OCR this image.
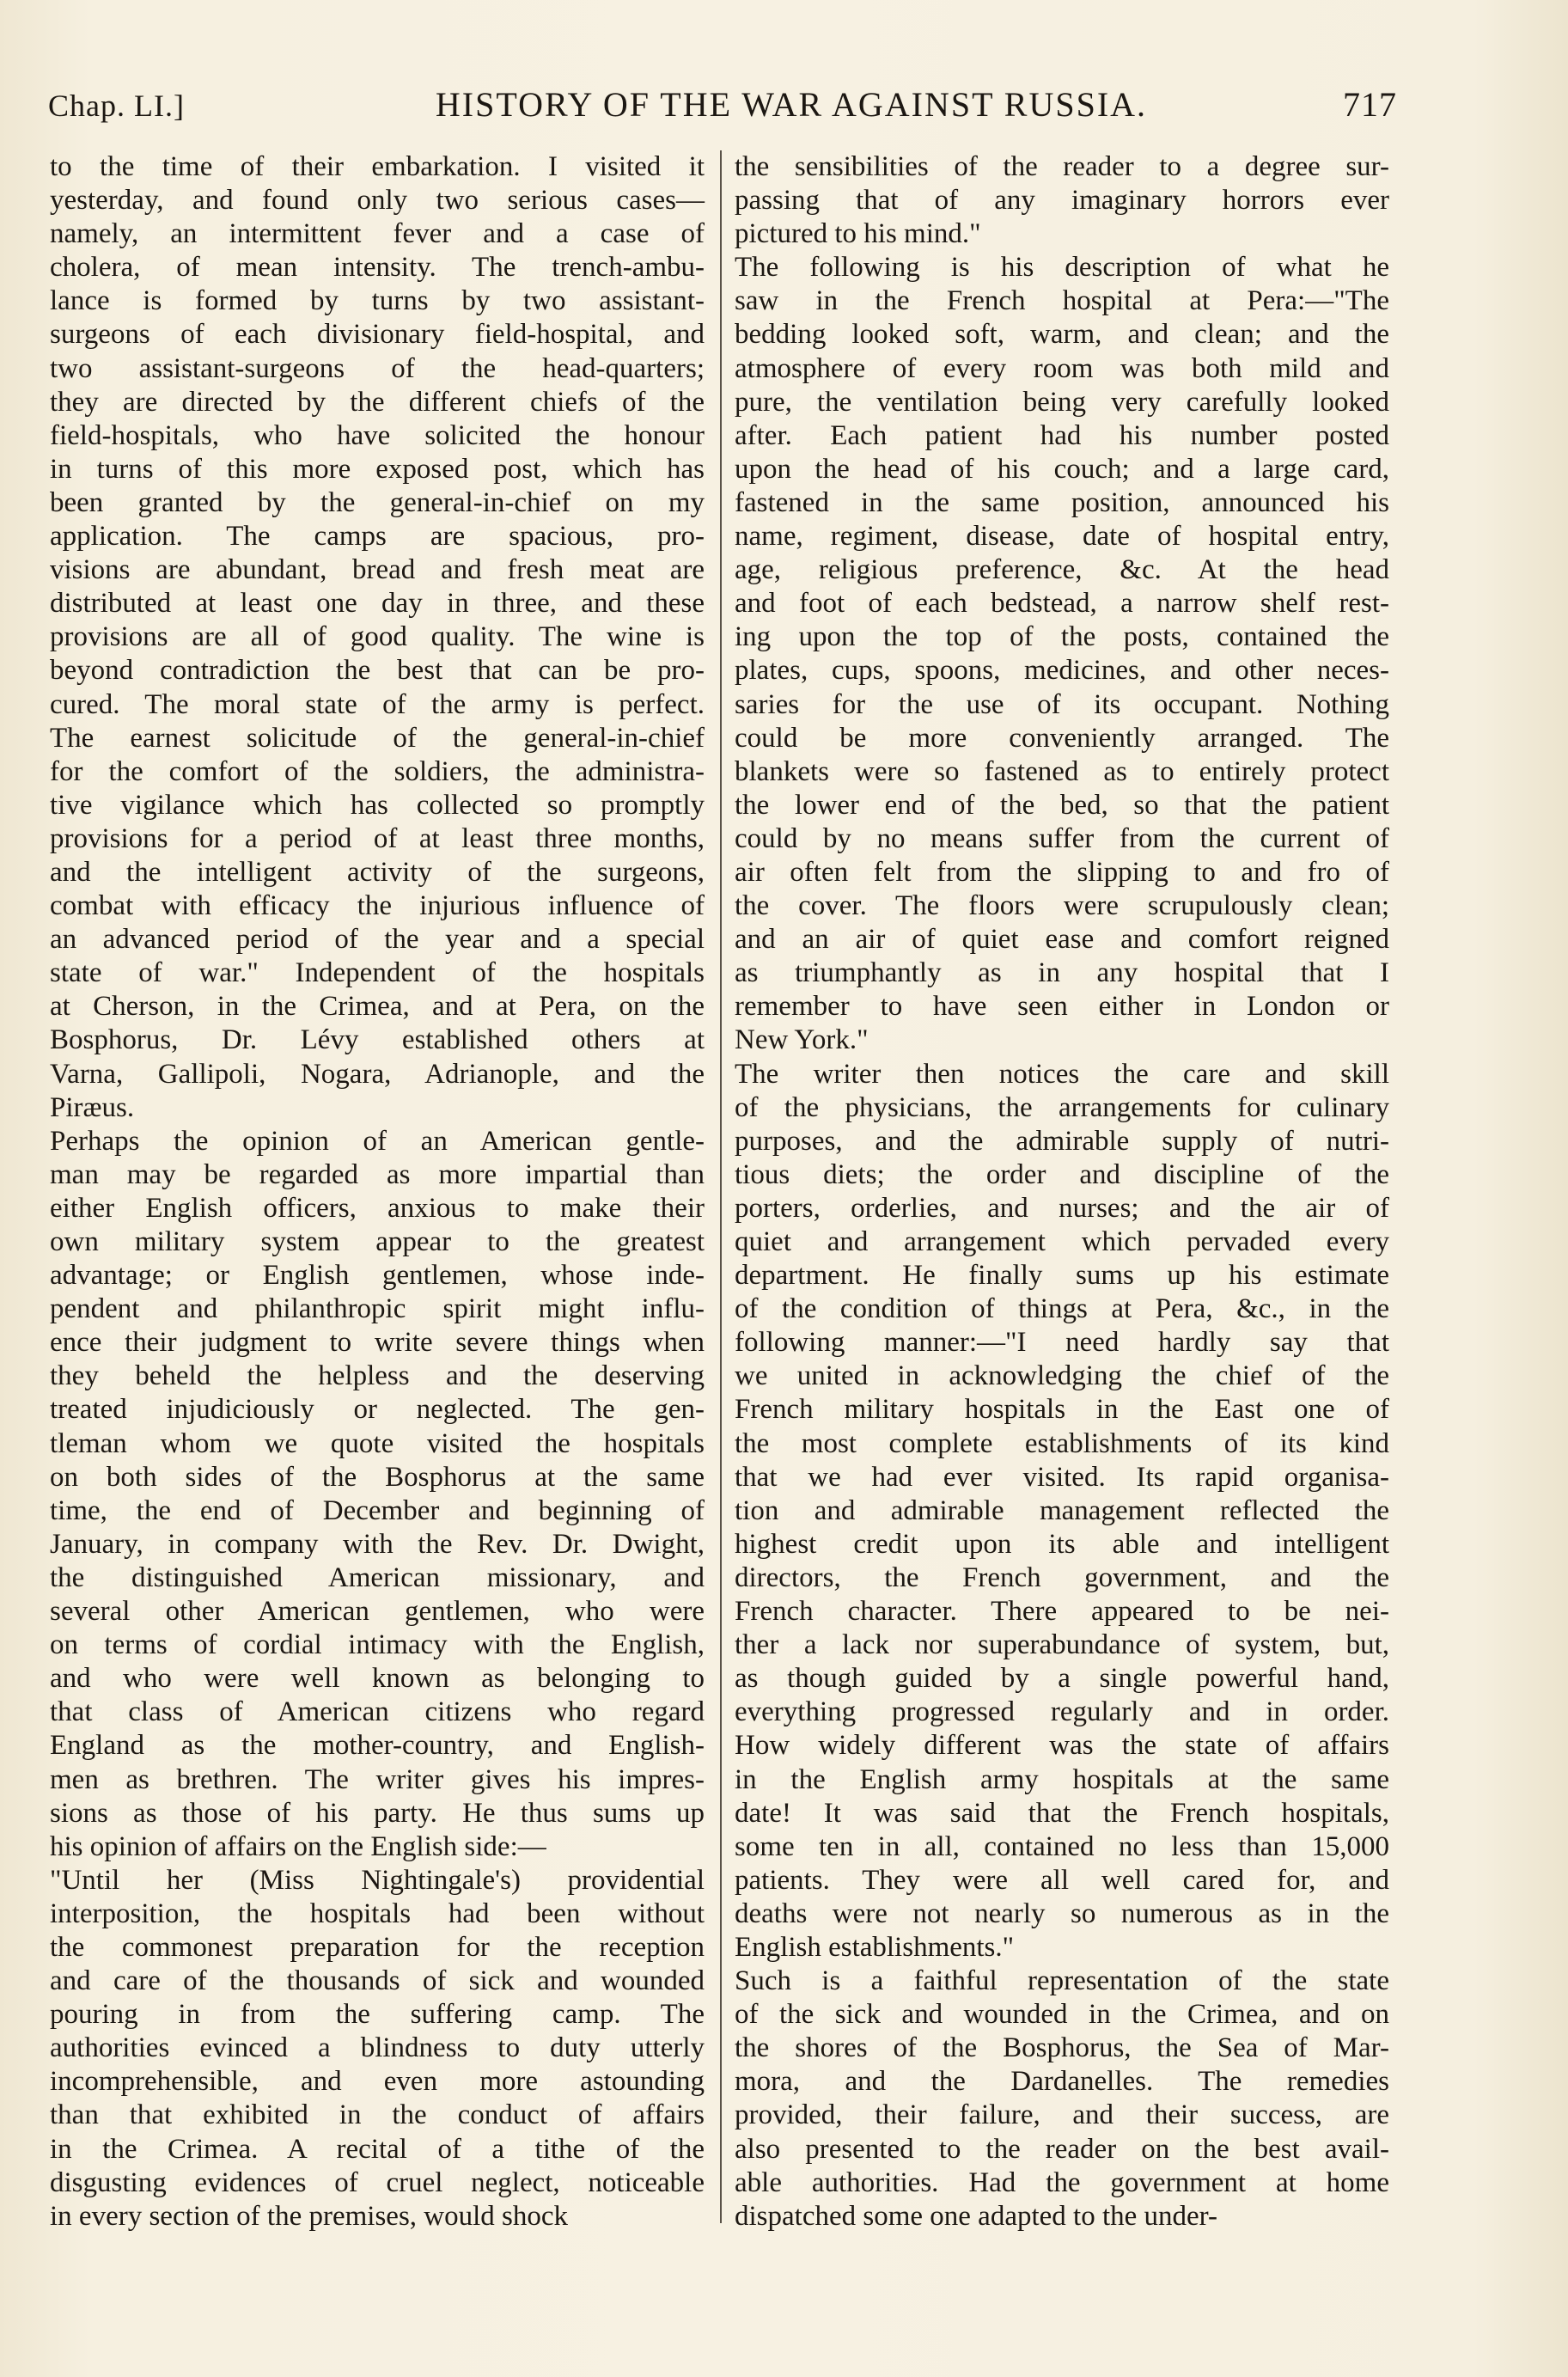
Chap. LI.]	HISTORY OF THE WAR AGAINST RUSSIA.	717
to the time of their embarkation. I visited it
yesterday, and found only two serious cases—
namely, an intermittent fever and a case of
cholera, of mean intensity. The trench-ambu-
lance is formed by turns by two assistant-
surgeons of each divisionary field-hospital, and
two assistant-surgeons of the head-quarters;
they are directed by the different chiefs of the
field-hospitals, who have solicited the honour
in turns of this more exposed post, which has
been granted by the general-in-chief on my
application. The camps are spacious, pro-
visions are abundant, bread and fresh meat are
distributed at least one day in three, and these
provisions are all of good quality. The wine is
beyond contradiction the best that can be pro-
cured. The moral state of the army is perfect.
The earnest solicitude of the general-in-chief
for the comfort of the soldiers, the administra-
tive vigilance which has collected so promptly
provisions for a period of at least three months,
and the intelligent activity of the surgeons,
combat with efficacy the injurious influence of
an advanced period of the year and a special
state of war." Independent of the hospitals
at Cherson, in the Crimea, and at Pera, on the
Bosphorus, Dr. Lévy established others at
Varna, Gallipoli, Nogara, Adrianople, and the
Piræus.
Perhaps the opinion of an American gentle-
man may be regarded as more impartial than
either English officers, anxious to make their
own military system appear to the greatest
advantage; or English gentlemen, whose inde-
pendent and philanthropic spirit might influ-
ence their judgment to write severe things when
they beheld the helpless and the deserving
treated injudiciously or neglected. The gen-
tleman whom we quote visited the hospitals
on both sides of the Bosphorus at the same
time, the end of December and beginning of
January, in company with the Rev. Dr. Dwight,
the distinguished American missionary, and
several other American gentlemen, who were
on terms of cordial intimacy with the English,
and who were well known as belonging to
that class of American citizens who regard
England as the mother-country, and English-
men as brethren. The writer gives his impres-
sions as those of his party. He thus sums up
his opinion of affairs on the English side:—
"Until her (Miss Nightingale's) providential
interposition, the hospitals had been without
the commonest preparation for the reception
and care of the thousands of sick and wounded
pouring in from the suffering camp. The
authorities evinced a blindness to duty utterly
incomprehensible, and even more astounding
than that exhibited in the conduct of affairs
in the Crimea. A recital of a tithe of the
disgusting evidences of cruel neglect, noticeable
in every section of the premises, would shock
the sensibilities of the reader to a degree sur-
passing that of any imaginary horrors ever
pictured to his mind."
The following is his description of what he
saw in the French hospital at Pera:—"The
bedding looked soft, warm, and clean; and the
atmosphere of every room was both mild and
pure, the ventilation being very carefully looked
after. Each patient had his number posted
upon the head of his couch; and a large card,
fastened in the same position, announced his
name, regiment, disease, date of hospital entry,
age, religious preference, &c. At the head
and foot of each bedstead, a narrow shelf rest-
ing upon the top of the posts, contained the
plates, cups, spoons, medicines, and other neces-
saries for the use of its occupant. Nothing
could be more conveniently arranged. The
blankets were so fastened as to entirely protect
the lower end of the bed, so that the patient
could by no means suffer from the current of
air often felt from the slipping to and fro of
the cover. The floors were scrupulously clean;
and an air of quiet ease and comfort reigned
as triumphantly as in any hospital that I
remember to have seen either in London or
New York."
The writer then notices the care and skill
of the physicians, the arrangements for culinary
purposes, and the admirable supply of nutri-
tious diets; the order and discipline of the
porters, orderlies, and nurses; and the air of
quiet and arrangement which pervaded every
department. He finally sums up his estimate
of the condition of things at Pera, &c., in the
following manner:—"I need hardly say that
we united in acknowledging the chief of the
French military hospitals in the East one of
the most complete establishments of its kind
that we had ever visited. Its rapid organisa-
tion and admirable management reflected the
highest credit upon its able and intelligent
directors, the French government, and the
French character. There appeared to be nei-
ther a lack nor superabundance of system, but,
as though guided by a single powerful hand,
everything progressed regularly and in order.
How widely different was the state of affairs
in the English army hospitals at the same
date! It was said that the French hospitals,
some ten in all, contained no less than 15,000
patients. They were all well cared for, and
deaths were not nearly so numerous as in the
English establishments."
Such is a faithful representation of the state
of the sick and wounded in the Crimea, and on
the shores of the Bosphorus, the Sea of Mar-
mora, and the Dardanelles. The remedies
provided, their failure, and their success, are
also presented to the reader on the best avail-
able authorities. Had the government at home
dispatched some one adapted to the under-
